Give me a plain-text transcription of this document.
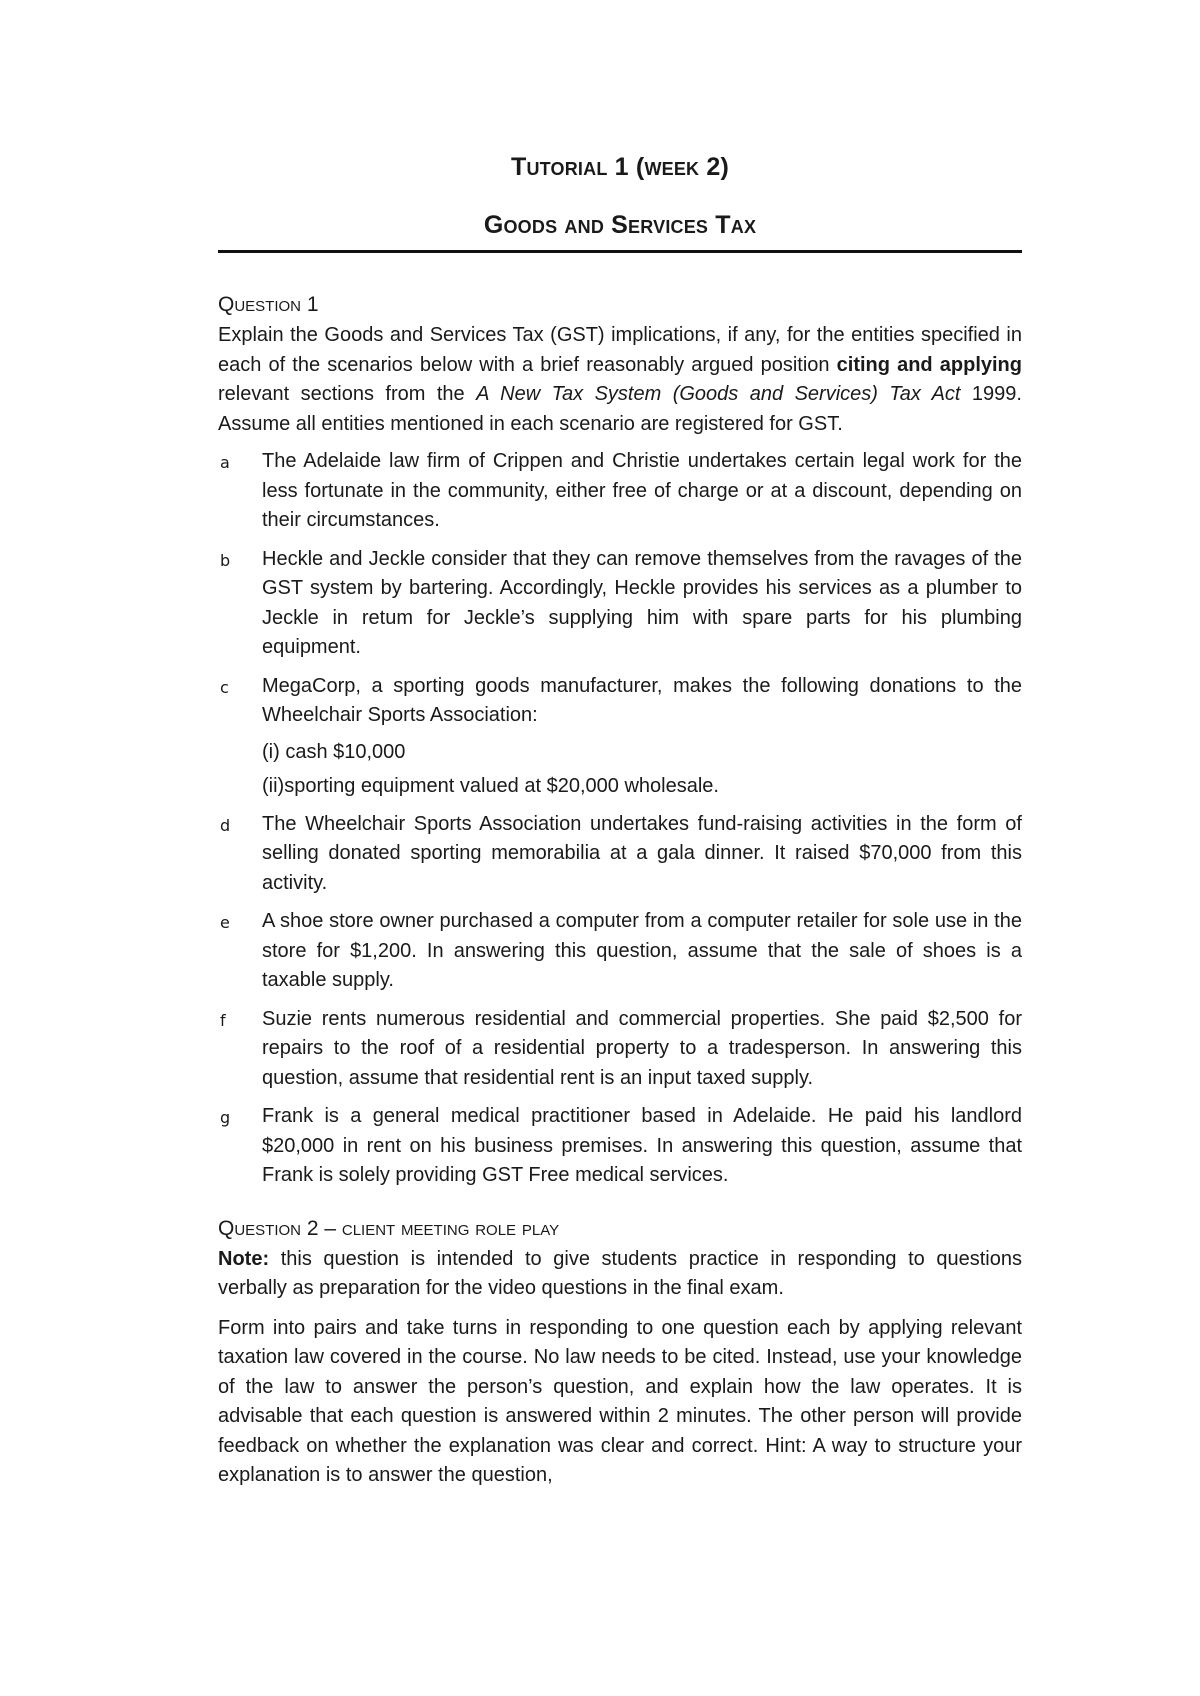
Tutorial 1 (week 2)
Goods and Services Tax
Question 1

Explain the Goods and Services Tax (GST) implications, if any, for the entities specified in each of the scenarios below with a brief reasonably argued position citing and applying relevant sections from the A New Tax System (Goods and Services) Tax Act 1999. Assume all entities mentioned in each scenario are registered for GST.

a The Adelaide law firm of Crippen and Christie undertakes certain legal work for the less fortunate in the community, either free of charge or at a discount, depending on their circumstances.

b Heckle and Jeckle consider that they can remove themselves from the ravages of the GST system by bartering. Accordingly, Heckle provides his services as a plumber to Jeckle in retum for Jeckle’s supplying him with spare parts for his plumbing equipment.

c MegaCorp, a sporting goods manufacturer, makes the following donations to the Wheelchair Sports Association:

(i) cash $10,000

(ii)sporting equipment valued at $20,000 wholesale.

d The Wheelchair Sports Association undertakes fund-raising activities in the form of selling donated sporting memorabilia at a gala dinner. It raised $70,000 from this activity.

e A shoe store owner purchased a computer from a computer retailer for sole use in the store for $1,200. In answering this question, assume that the sale of shoes is a taxable supply.

f Suzie rents numerous residential and commercial properties. She paid $2,500 for repairs to the roof of a residential property to a tradesperson. In answering this question, assume that residential rent is an input taxed supply.

g Frank is a general medical practitioner based in Adelaide. He paid his landlord $20,000 in rent on his business premises. In answering this question, assume that Frank is solely providing GST Free medical services.

Question 2 – client meeting role play

Note: this question is intended to give students practice in responding to questions verbally as preparation for the video questions in the final exam.

Form into pairs and take turns in responding to one question each by applying relevant taxation law covered in the course. No law needs to be cited. Instead, use your knowledge of the law to answer the person’s question, and explain how the law operates. It is advisable that each question is answered within 2 minutes. The other person will provide feedback on whether the explanation was clear and correct. Hint: A way to structure your explanation is to answer the question,
